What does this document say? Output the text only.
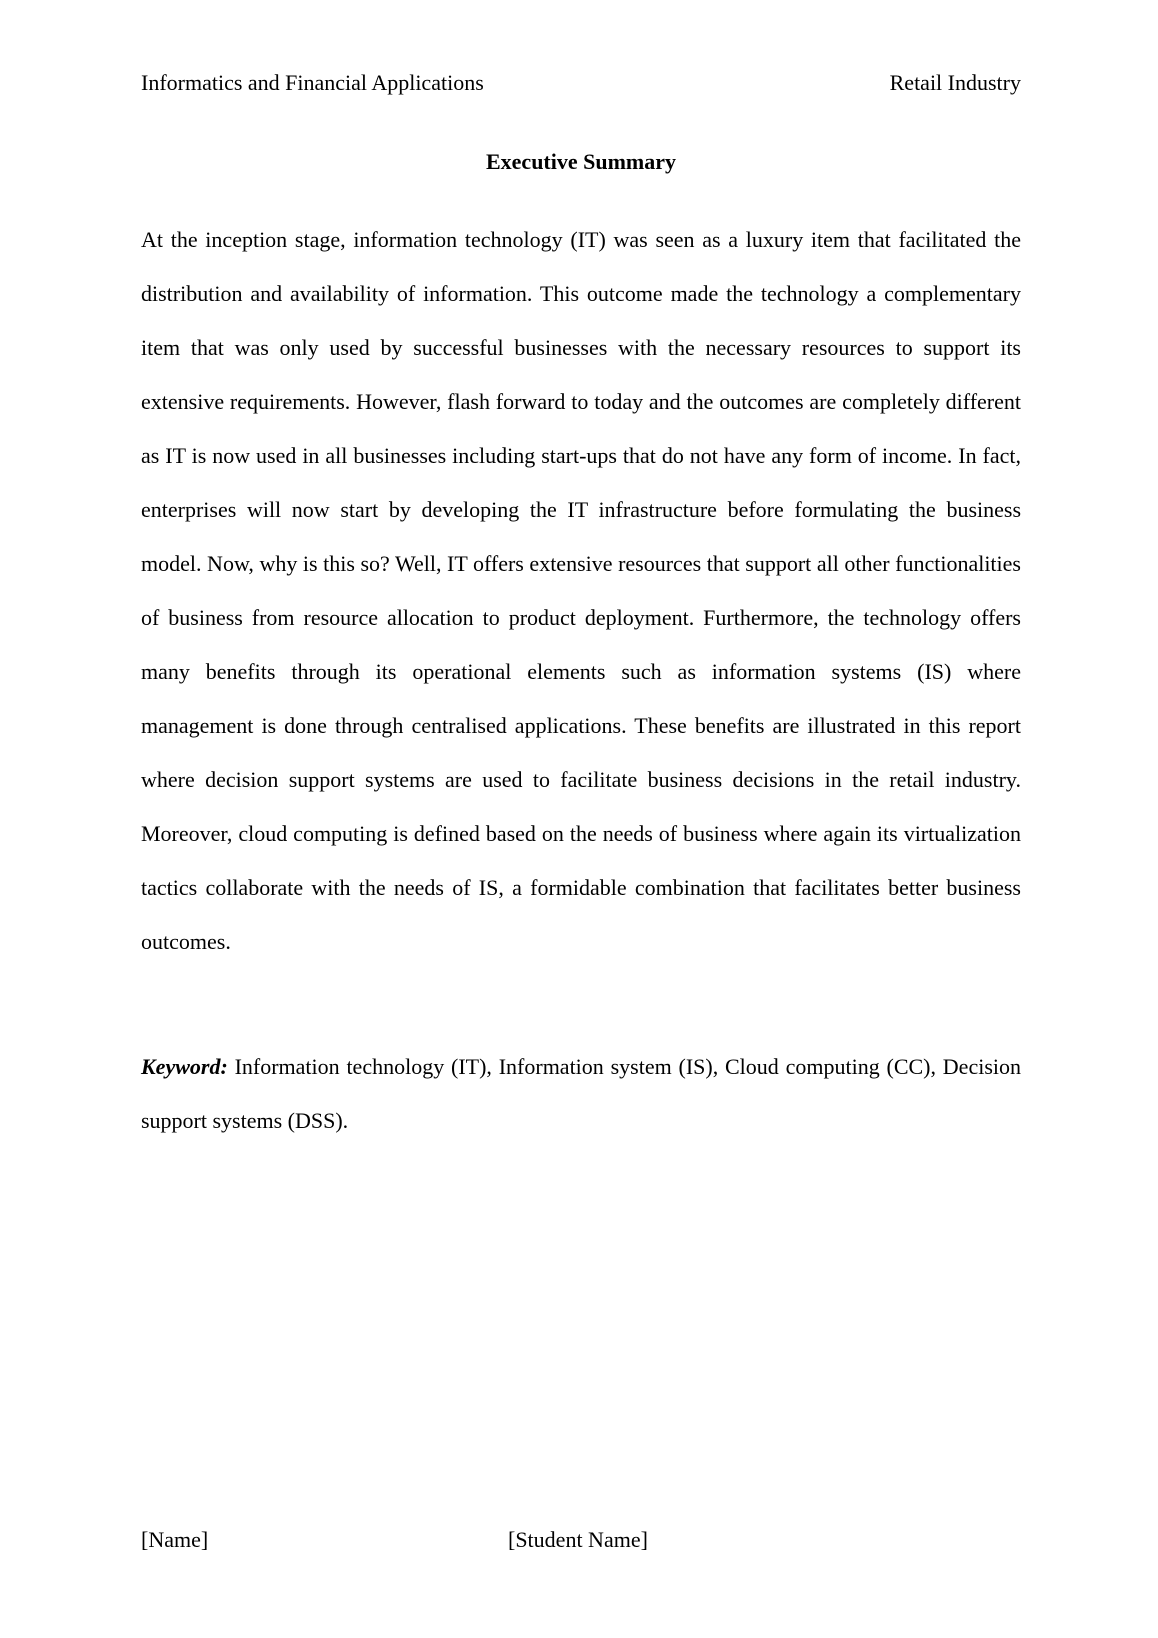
Informatics and Financial Applications	Retail Industry
Executive Summary

At the inception stage, information technology (IT) was seen as a luxury item that facilitated the distribution and availability of information. This outcome made the technology a complementary item that was only used by successful businesses with the necessary resources to support its extensive requirements. However, flash forward to today and the outcomes are completely different as IT is now used in all businesses including start-ups that do not have any form of income. In fact, enterprises will now start by developing the IT infrastructure before formulating the business model. Now, why is this so? Well, IT offers extensive resources that support all other functionalities of business from resource allocation to product deployment. Furthermore, the technology offers many benefits through its operational elements such as information systems (IS) where management is done through centralised applications. These benefits are illustrated in this report where decision support systems are used to facilitate business decisions in the retail industry. Moreover, cloud computing is defined based on the needs of business where again its virtualization tactics collaborate with the needs of IS, a formidable combination that facilitates better business outcomes.

Keyword: Information technology (IT), Information system (IS), Cloud computing (CC), Decision support systems (DSS).

[Name]	[Student Name]
